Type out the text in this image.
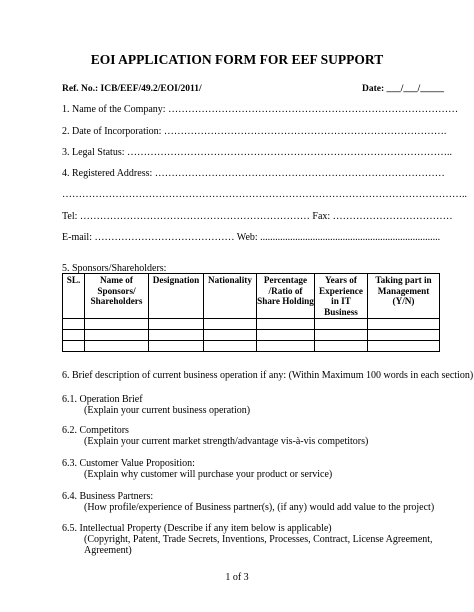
EOI APPLICATION FORM FOR EEF SUPPORT
Ref. No.: ICB/EEF/49.2/EOI/2011/	Date: ___/___/_____
1. Name of the Company: ……………………………………………………………………………
2. Date of Incorporation: ………………………………………………………………………….
3. Legal Status: ……………………………………………………………………………………..
4. Registered Address: ……………………………………………………………………………
…………………………………………………………………………………………………………..
Tel: …………………………………………………………… Fax: ………………………………
E-mail: …………………………………… Web: ........................................................................
5. Sponsors/Shareholders:
SL.	Name of Sponsors/ Shareholders	Designation	Nationality	Percentage /Ratio of Share Holding	Years of Experience in IT Business	Taking part in Management (Y/N)

6. Brief description of current business operation if any: (Within Maximum 100 words in each section)
6.1. Operation Brief
(Explain your current business operation)
6.2. Competitors
(Explain your current market strength/advantage vis-à-vis competitors)
6.3. Customer Value Proposition:
(Explain why customer will purchase your product or service)
6.4. Business Partners:
(How profile/experience of Business partner(s), (if any) would add value to the project)
6.5. Intellectual Property (Describe if any item below is applicable)
(Copyright, Patent, Trade Secrets, Inventions, Processes, Contract, License Agreement,
Agreement)
1 of 3
